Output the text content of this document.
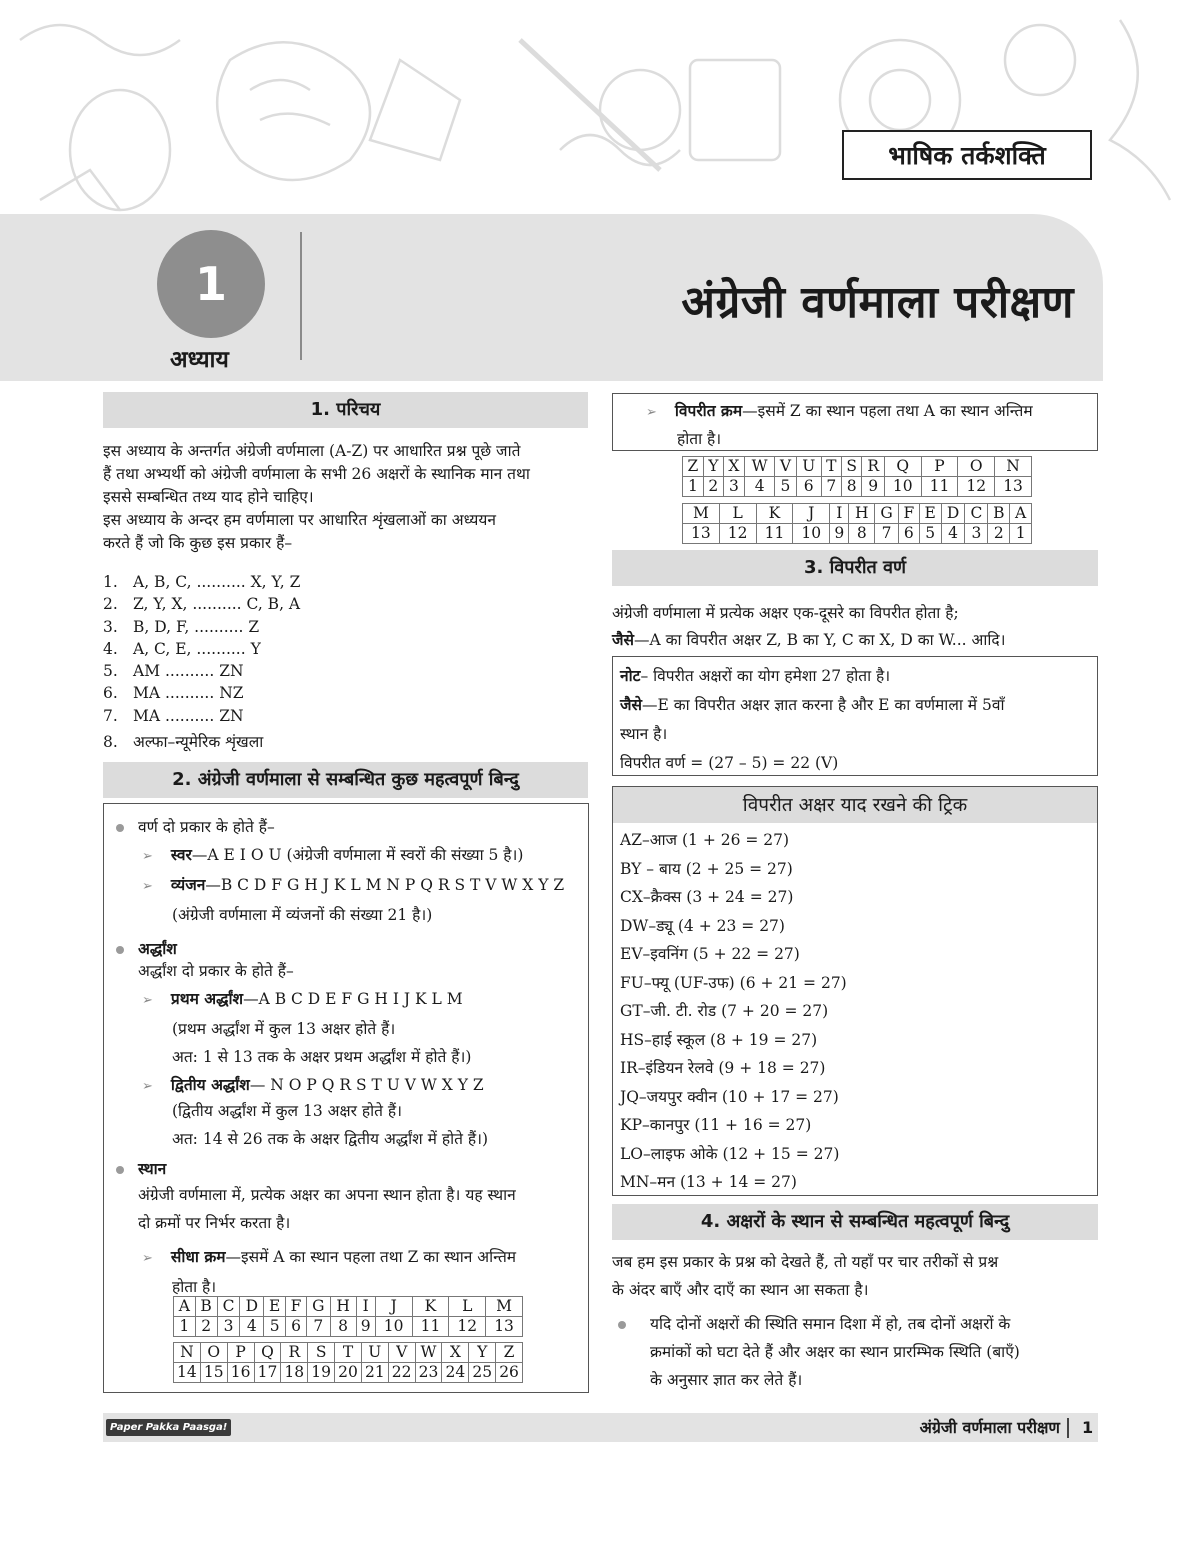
भाषिक तर्कशक्ति
1
अध्याय
अंग्रेजी वर्णमाला परीक्षण
1. परिचय
इस अध्याय के अन्तर्गत अंग्रेजी वर्णमाला (A-Z) पर आधारित प्रश्न पूछे जाते
हैं तथा अभ्यर्थी को अंग्रेजी वर्णमाला के सभी 26 अक्षरों के स्थानिक मान तथा
इससे सम्बन्धित तथ्य याद होने चाहिए।
इस अध्याय के अन्दर हम वर्णमाला पर आधारित शृंखलाओं का अध्ययन
करते हैं जो कि कुछ इस प्रकार हैं–
1. A, B, C, .......... X, Y, Z
2. Z, Y, X, .......... C, B, A
3. B, D, F, .......... Z
4. A, C, E, .......... Y
5. AM .......... ZN
6. MA .......... NZ
7. MA .......... ZN
8. अल्फा–न्यूमेरिक शृंखला
2. अंग्रेजी वर्णमाला से सम्बन्धित कुछ महत्वपूर्ण बिन्दु
वर्ण दो प्रकार के होते हैं–
➢ स्वर—A E I O U (अंग्रेजी वर्णमाला में स्वरों की संख्या 5 है।)
➢ व्यंजन—B C D F G H J K L M N P Q R S T V W X Y Z
(अंग्रेजी वर्णमाला में व्यंजनों की संख्या 21 है।)
अर्द्धांश
अर्द्धांश दो प्रकार के होते हैं–
➢ प्रथम अर्द्धांश—A B C D E F G H I J K L M
(प्रथम अर्द्धांश में कुल 13 अक्षर होते हैं।
अत: 1 से 13 तक के अक्षर प्रथम अर्द्धांश में होते हैं।)
➢ द्वितीय अर्द्धांश— N O P Q R S T U V W X Y Z
(द्वितीय अर्द्धांश में कुल 13 अक्षर होते हैं।
अत: 14 से 26 तक के अक्षर द्वितीय अर्द्धांश में होते हैं।)
स्थान
अंग्रेजी वर्णमाला में, प्रत्येक अक्षर का अपना स्थान होता है। यह स्थान
दो क्रमों पर निर्भर करता है।
➢ सीधा क्रम—इसमें A का स्थान पहला तथा Z का स्थान अन्तिम
होता है।
A	B	C	D	E	F	G	H	I	J	K	L	M
1	2	3	4	5	6	7	8	9	10	11	12	13
N	O	P	Q	R	S	T	U	V	W	X	Y	Z
14	15	16	17	18	19	20	21	22	23	24	25	26
➢ विपरीत क्रम—इसमें Z का स्थान पहला तथा A का स्थान अन्तिम
होता है।
Z	Y	X	W	V	U	T	S	R	Q	P	O	N
1	2	3	4	5	6	7	8	9	10	11	12	13
M	L	K	J	I	H	G	F	E	D	C	B	A
13	12	11	10	9	8	7	6	5	4	3	2	1
3. विपरीत वर्ण
अंग्रेजी वर्णमाला में प्रत्येक अक्षर एक-दूसरे का विपरीत होता है;
जैसे—A का विपरीत अक्षर Z, B का Y, C का X, D का W... आदि।
नोट– विपरीत अक्षरों का योग हमेशा 27 होता है।
जैसे—E का विपरीत अक्षर ज्ञात करना है और E का वर्णमाला में 5वाँ
स्थान है।
विपरीत वर्ण = (27 – 5) = 22 (V)
विपरीत अक्षर याद रखने की ट्रिक
AZ–आज (1 + 26 = 27)
BY – बाय (2 + 25 = 27)
CX–क्रैक्स (3 + 24 = 27)
DW–ड्यू (4 + 23 = 27)
EV–इवनिंग (5 + 22 = 27)
FU–फ्यू (UF-उफ) (6 + 21 = 27)
GT–जी. टी. रोड (7 + 20 = 27)
HS–हाई स्कूल (8 + 19 = 27)
IR–इंडियन रेलवे (9 + 18 = 27)
JQ–जयपुर क्वीन (10 + 17 = 27)
KP–कानपुर (11 + 16 = 27)
LO–लाइफ ओके (12 + 15 = 27)
MN–मन (13 + 14 = 27)
4. अक्षरों के स्थान से सम्बन्धित महत्वपूर्ण बिन्दु
जब हम इस प्रकार के प्रश्न को देखते हैं, तो यहाँ पर चार तरीकों से प्रश्न
के अंदर बाएँ और दाएँ का स्थान आ सकता है।
यदि दोनों अक्षरों की स्थिति समान दिशा में हो, तब दोनों अक्षरों के
क्रमांकों को घटा देते हैं और अक्षर का स्थान प्रारम्भिक स्थिति (बाएँ)
के अनुसार ज्ञात कर लेते हैं।
Paper Pakka Paasga!	अंग्रेजी वर्णमाला परीक्षण 1
